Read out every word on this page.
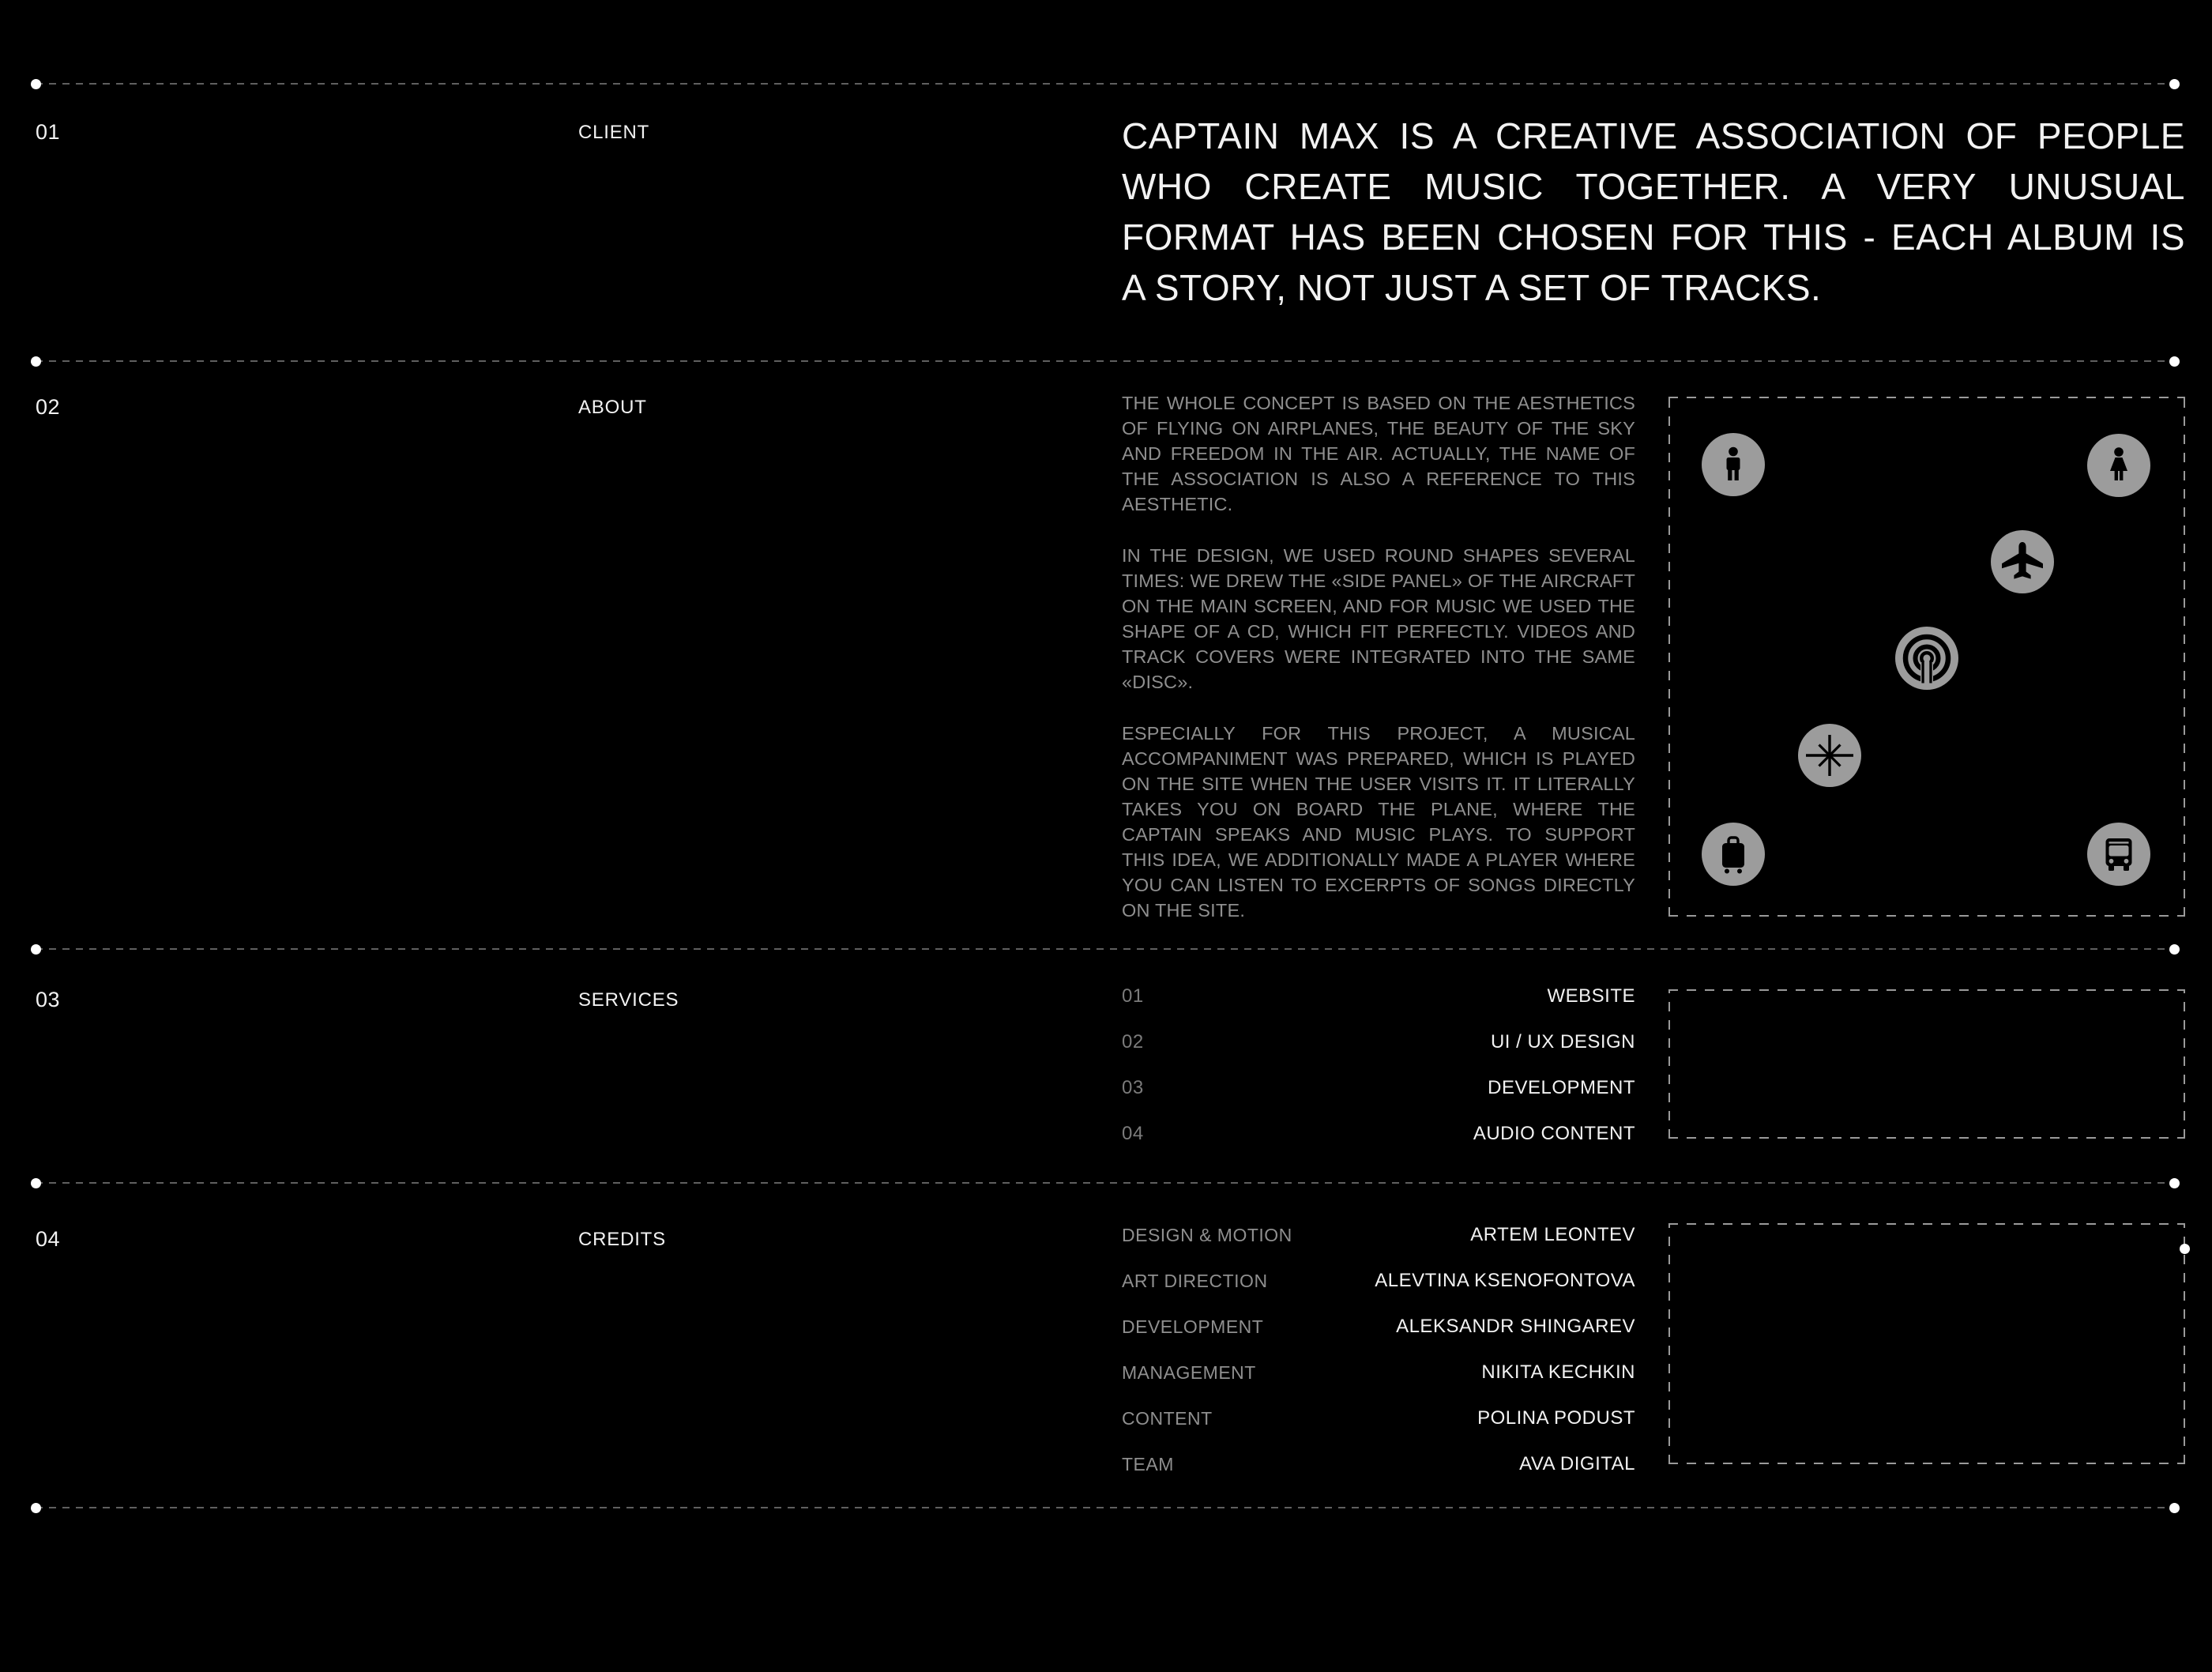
01	CLIENT	CAPTAIN MAX IS A CREATIVE ASSOCIATION OF PEOPLE
WHO CREATE MUSIC TOGETHER. A VERY UNUSUAL
FORMAT HAS BEEN CHOSEN FOR THIS - EACH ALBUM IS
A STORY, NOT JUST A SET OF TRACKS.
02	ABOUT	THE WHOLE CONCEPT IS BASED ON THE AESTHETICS OF FLYING ON AIRPLANES, THE BEAUTY OF THE SKY AND FREEDOM IN THE AIR. ACTUALLY, THE NAME OF THE ASSOCIATION IS ALSO A REFERENCE TO THIS AESTHETIC.

IN THE DESIGN, WE USED ROUND SHAPES SEVERAL TIMES: WE DREW THE «SIDE PANEL» OF THE AIRCRAFT ON THE MAIN SCREEN, AND FOR MUSIC WE USED THE SHAPE OF A CD, WHICH FIT PERFECTLY. VIDEOS AND TRACK COVERS WERE INTEGRATED INTO THE SAME «DISC».

ESPECIALLY FOR THIS PROJECT, A MUSICAL ACCOMPANIMENT WAS PREPARED, WHICH IS PLAYED ON THE SITE WHEN THE USER VISITS IT. IT LITERALLY TAKES YOU ON BOARD THE PLANE, WHERE THE CAPTAIN SPEAKS AND MUSIC PLAYS. TO SUPPORT THIS IDEA, WE ADDITIONALLY MADE A PLAYER WHERE YOU CAN LISTEN TO EXCERPTS OF SONGS DIRECTLY ON THE SITE.

03	SERVICES	01	WEBSITE
02	UI / UX DESIGN
03	DEVELOPMENT
04	AUDIO CONTENT
04	CREDITS	DESIGN & MOTION	ARTEM LEONTEV
ART DIRECTION	ALEVTINA KSENOFONTOVA
DEVELOPMENT	ALEKSANDR SHINGAREV
MANAGEMENT	NIKITA KECHKIN
CONTENT	POLINA PODUST
TEAM	AVA DIGITAL
